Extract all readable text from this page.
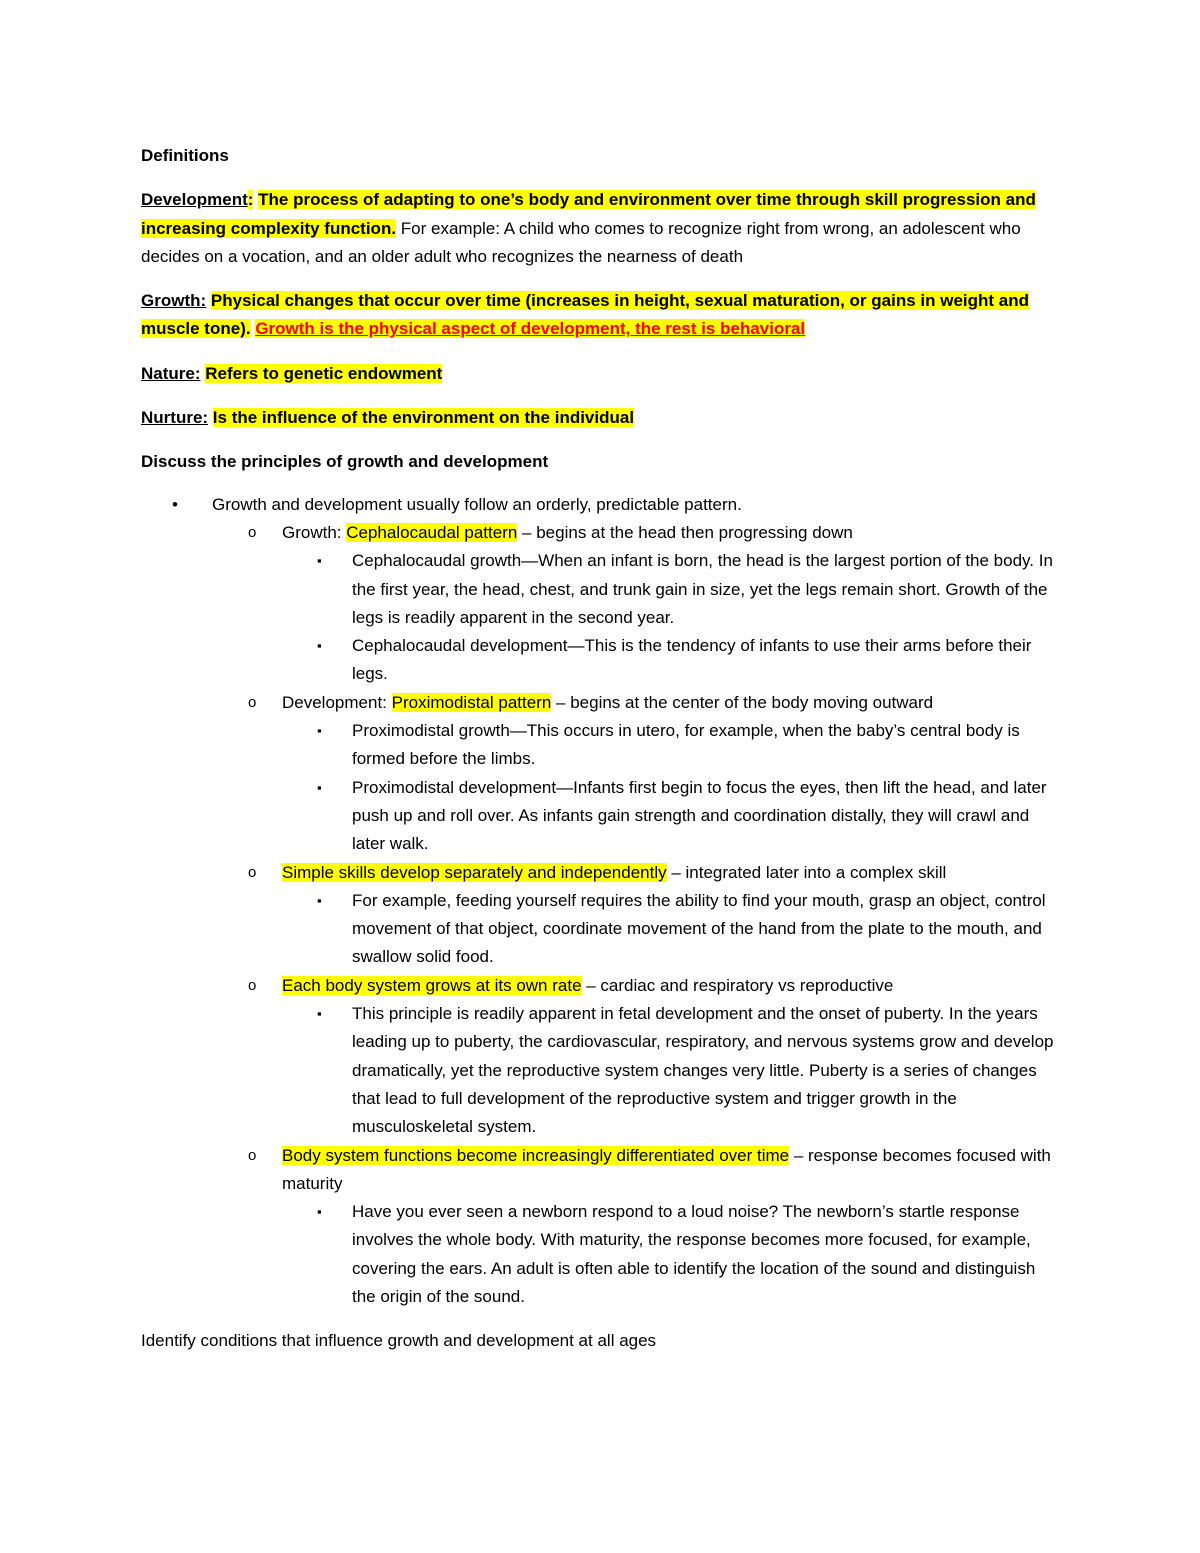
Definitions

Development: The process of adapting to one’s body and environment over time through skill progression and increasing complexity function. For example: A child who comes to recognize right from wrong, an adolescent who decides on a vocation, and an older adult who recognizes the nearness of death

Growth: Physical changes that occur over time (increases in height, sexual maturation, or gains in weight and muscle tone). Growth is the physical aspect of development, the rest is behavioral

Nature: Refers to genetic endowment

Nurture: Is the influence of the environment on the individual

Discuss the principles of growth and development

• Growth and development usually follow an orderly, predictable pattern.
o Growth: Cephalocaudal pattern – begins at the head then progressing down
▪ Cephalocaudal growth—When an infant is born, the head is the largest portion of the body. In the first year, the head, chest, and trunk gain in size, yet the legs remain short. Growth of the legs is readily apparent in the second year.
▪ Cephalocaudal development—This is the tendency of infants to use their arms before their legs.
o Development: Proximodistal pattern – begins at the center of the body moving outward
▪ Proximodistal growth—This occurs in utero, for example, when the baby’s central body is formed before the limbs.
▪ Proximodistal development—Infants first begin to focus the eyes, then lift the head, and later push up and roll over. As infants gain strength and coordination distally, they will crawl and later walk.
o Simple skills develop separately and independently – integrated later into a complex skill
▪ For example, feeding yourself requires the ability to find your mouth, grasp an object, control movement of that object, coordinate movement of the hand from the plate to the mouth, and swallow solid food.
o Each body system grows at its own rate – cardiac and respiratory vs reproductive
▪ This principle is readily apparent in fetal development and the onset of puberty. In the years leading up to puberty, the cardiovascular, respiratory, and nervous systems grow and develop dramatically, yet the reproductive system changes very little. Puberty is a series of changes that lead to full development of the reproductive system and trigger growth in the musculoskeletal system.
o Body system functions become increasingly differentiated over time – response becomes focused with maturity
▪ Have you ever seen a newborn respond to a loud noise? The newborn’s startle response involves the whole body. With maturity, the response becomes more focused, for example, covering the ears. An adult is often able to identify the location of the sound and distinguish the origin of the sound.

Identify conditions that influence growth and development at all ages
